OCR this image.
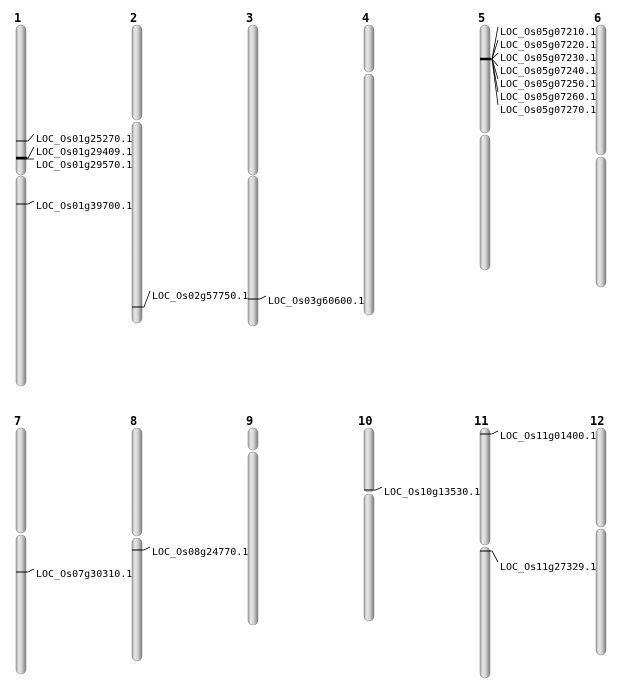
1
LOC_Os01g25270.1
LOC_Os01g29409.1
LOC_Os01g29570.1
LOC_Os01g39700.1
2
LOC_Os02g57750.1
3
LOC_Os03g60600.1
4	5
LOC_Os05g07210.1
LOC_Os05g07220.1
LOC_Os05g07230.1
LOC_Os05g07240.1
LOC_Os05g07250.1
LOC_Os05g07260.1
LOC_Os05g07270.1
6
7
LOC_Os07g30310.1
8
LOC_Os08g24770.1
9	10
LOC_Os10g13530.1
11
LOC_Os11g01400.1
LOC_Os11g27329.1
12
